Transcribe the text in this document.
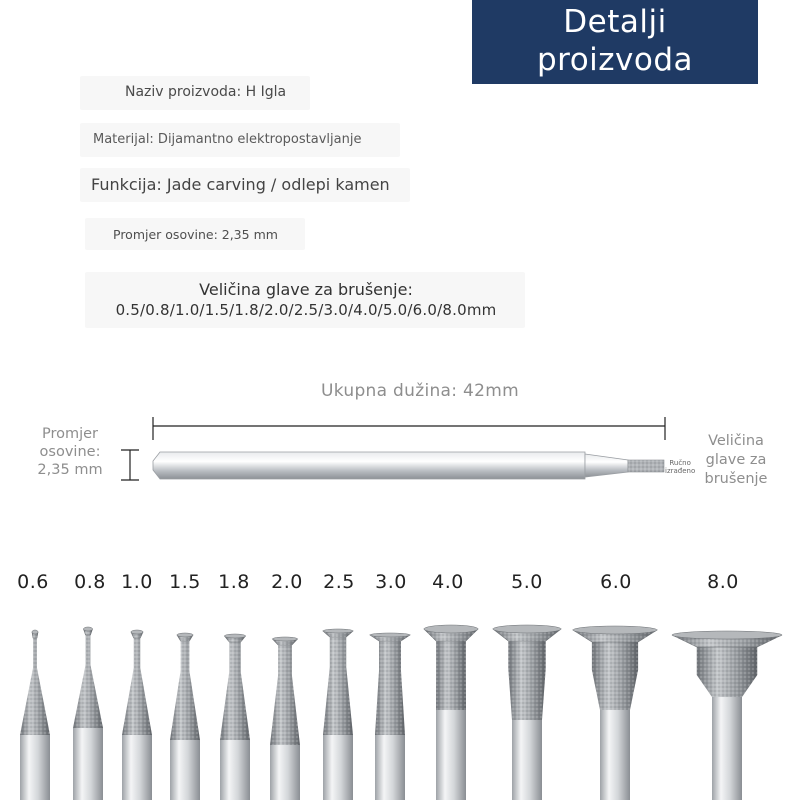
Detalji
proizvoda
Naziv proizvoda: H Igla
Materijal: Dijamantno elektropostavljanje
Funkcija: Jade carving / odlepi kamen
Promjer osovine: 2,35 mm
Veličina glave za brušenje:
0.5/0.8/1.0/1.5/1.8/2.0/2.5/3.0/4.0/5.0/6.0/8.0mm
Ukupna dužina: 42mm
Promjer
osovine:
2,35 mm
Veličina
glave za
brušenje
Ručno
izrađeno
0.6	0.8 1.0 1.5 1.8	2.0	2.5	3.0	4.0	5.0	6.0	8.0
